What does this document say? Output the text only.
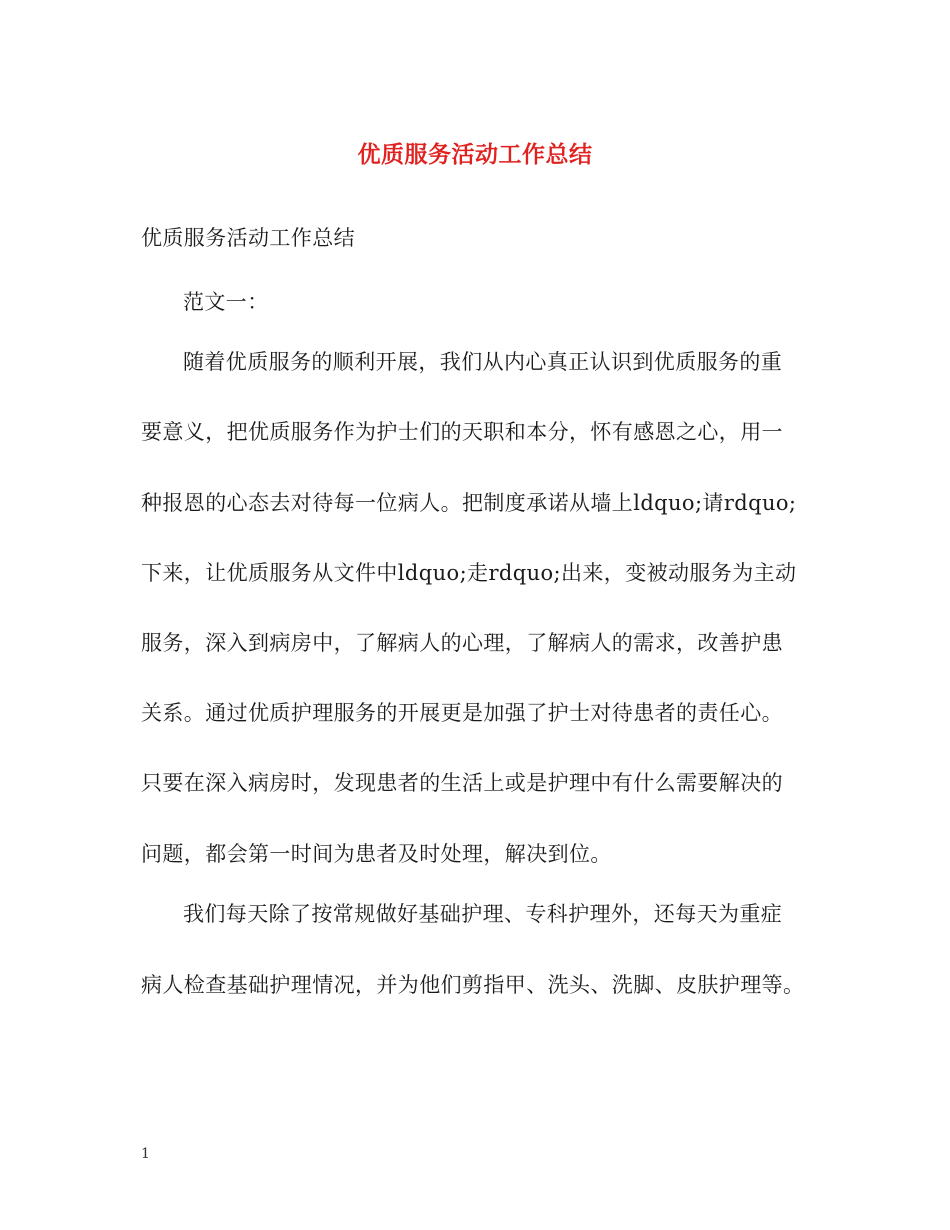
优质服务活动工作总结
优质服务活动工作总结
范文一：
随着优质服务的顺利开展，我们从内心真正认识到优质服务的重
要意义，把优质服务作为护士们的天职和本分，怀有感恩之心，用一
种报恩的心态去对待每一位病人。把制度承诺从墙上ldquo;请rdquo;
下来，让优质服务从文件中ldquo;走rdquo;出来，变被动服务为主动
服务，深入到病房中，了解病人的心理，了解病人的需求，改善护患
关系。通过优质护理服务的开展更是加强了护士对待患者的责任心。
只要在深入病房时，发现患者的生活上或是护理中有什么需要解决的
问题，都会第一时间为患者及时处理，解决到位。
我们每天除了按常规做好基础护理、专科护理外，还每天为重症
病人检查基础护理情况，并为他们剪指甲、洗头、洗脚、皮肤护理等。
1
